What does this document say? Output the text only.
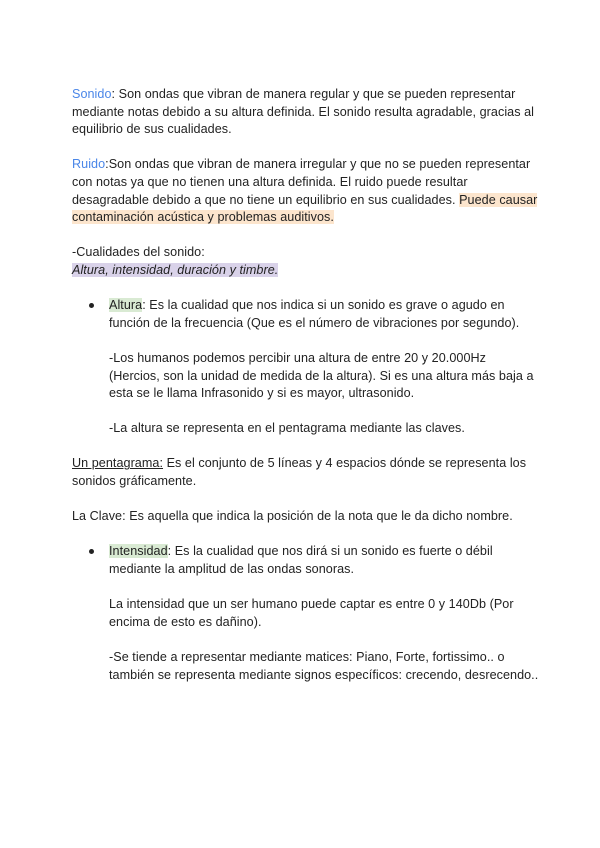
Sonido: Son ondas que vibran de manera regular y que se pueden representar mediante notas debido a su altura definida. El sonido resulta agradable, gracias al equilibrio de sus cualidades.

Ruido:Son ondas que vibran de manera irregular y que no se pueden representar con notas ya que no tienen una altura definida. El ruido puede resultar desagradable debido a que no tiene un equilibrio en sus cualidades. Puede causar contaminación acústica y problemas auditivos.

-Cualidades del sonido:

Altura, intensidad, duración y timbre.

Altura: Es la cualidad que nos indica si un sonido es grave o agudo en función de la frecuencia (Que es el número de vibraciones por segundo).

-Los humanos podemos percibir una altura de entre 20 y 20.000Hz (Hercios, son la unidad de medida de la altura). Si es una altura más baja a esta se le llama Infrasonido y si es mayor, ultrasonido.

-La altura se representa en el pentagrama mediante las claves.

Un pentagrama: Es el conjunto de 5 líneas y 4 espacios dónde se representa los sonidos gráficamente.

La Clave: Es aquella que indica la posición de la nota que le da dicho nombre.

Intensidad: Es la cualidad que nos dirá si un sonido es fuerte o débil mediante la amplitud de las ondas sonoras.

La intensidad que un ser humano puede captar es entre 0 y 140Db (Por encima de esto es dañino).

-Se tiende a representar mediante matices: Piano, Forte, fortissimo.. o también se representa mediante signos específicos: crecendo, desrecendo..
